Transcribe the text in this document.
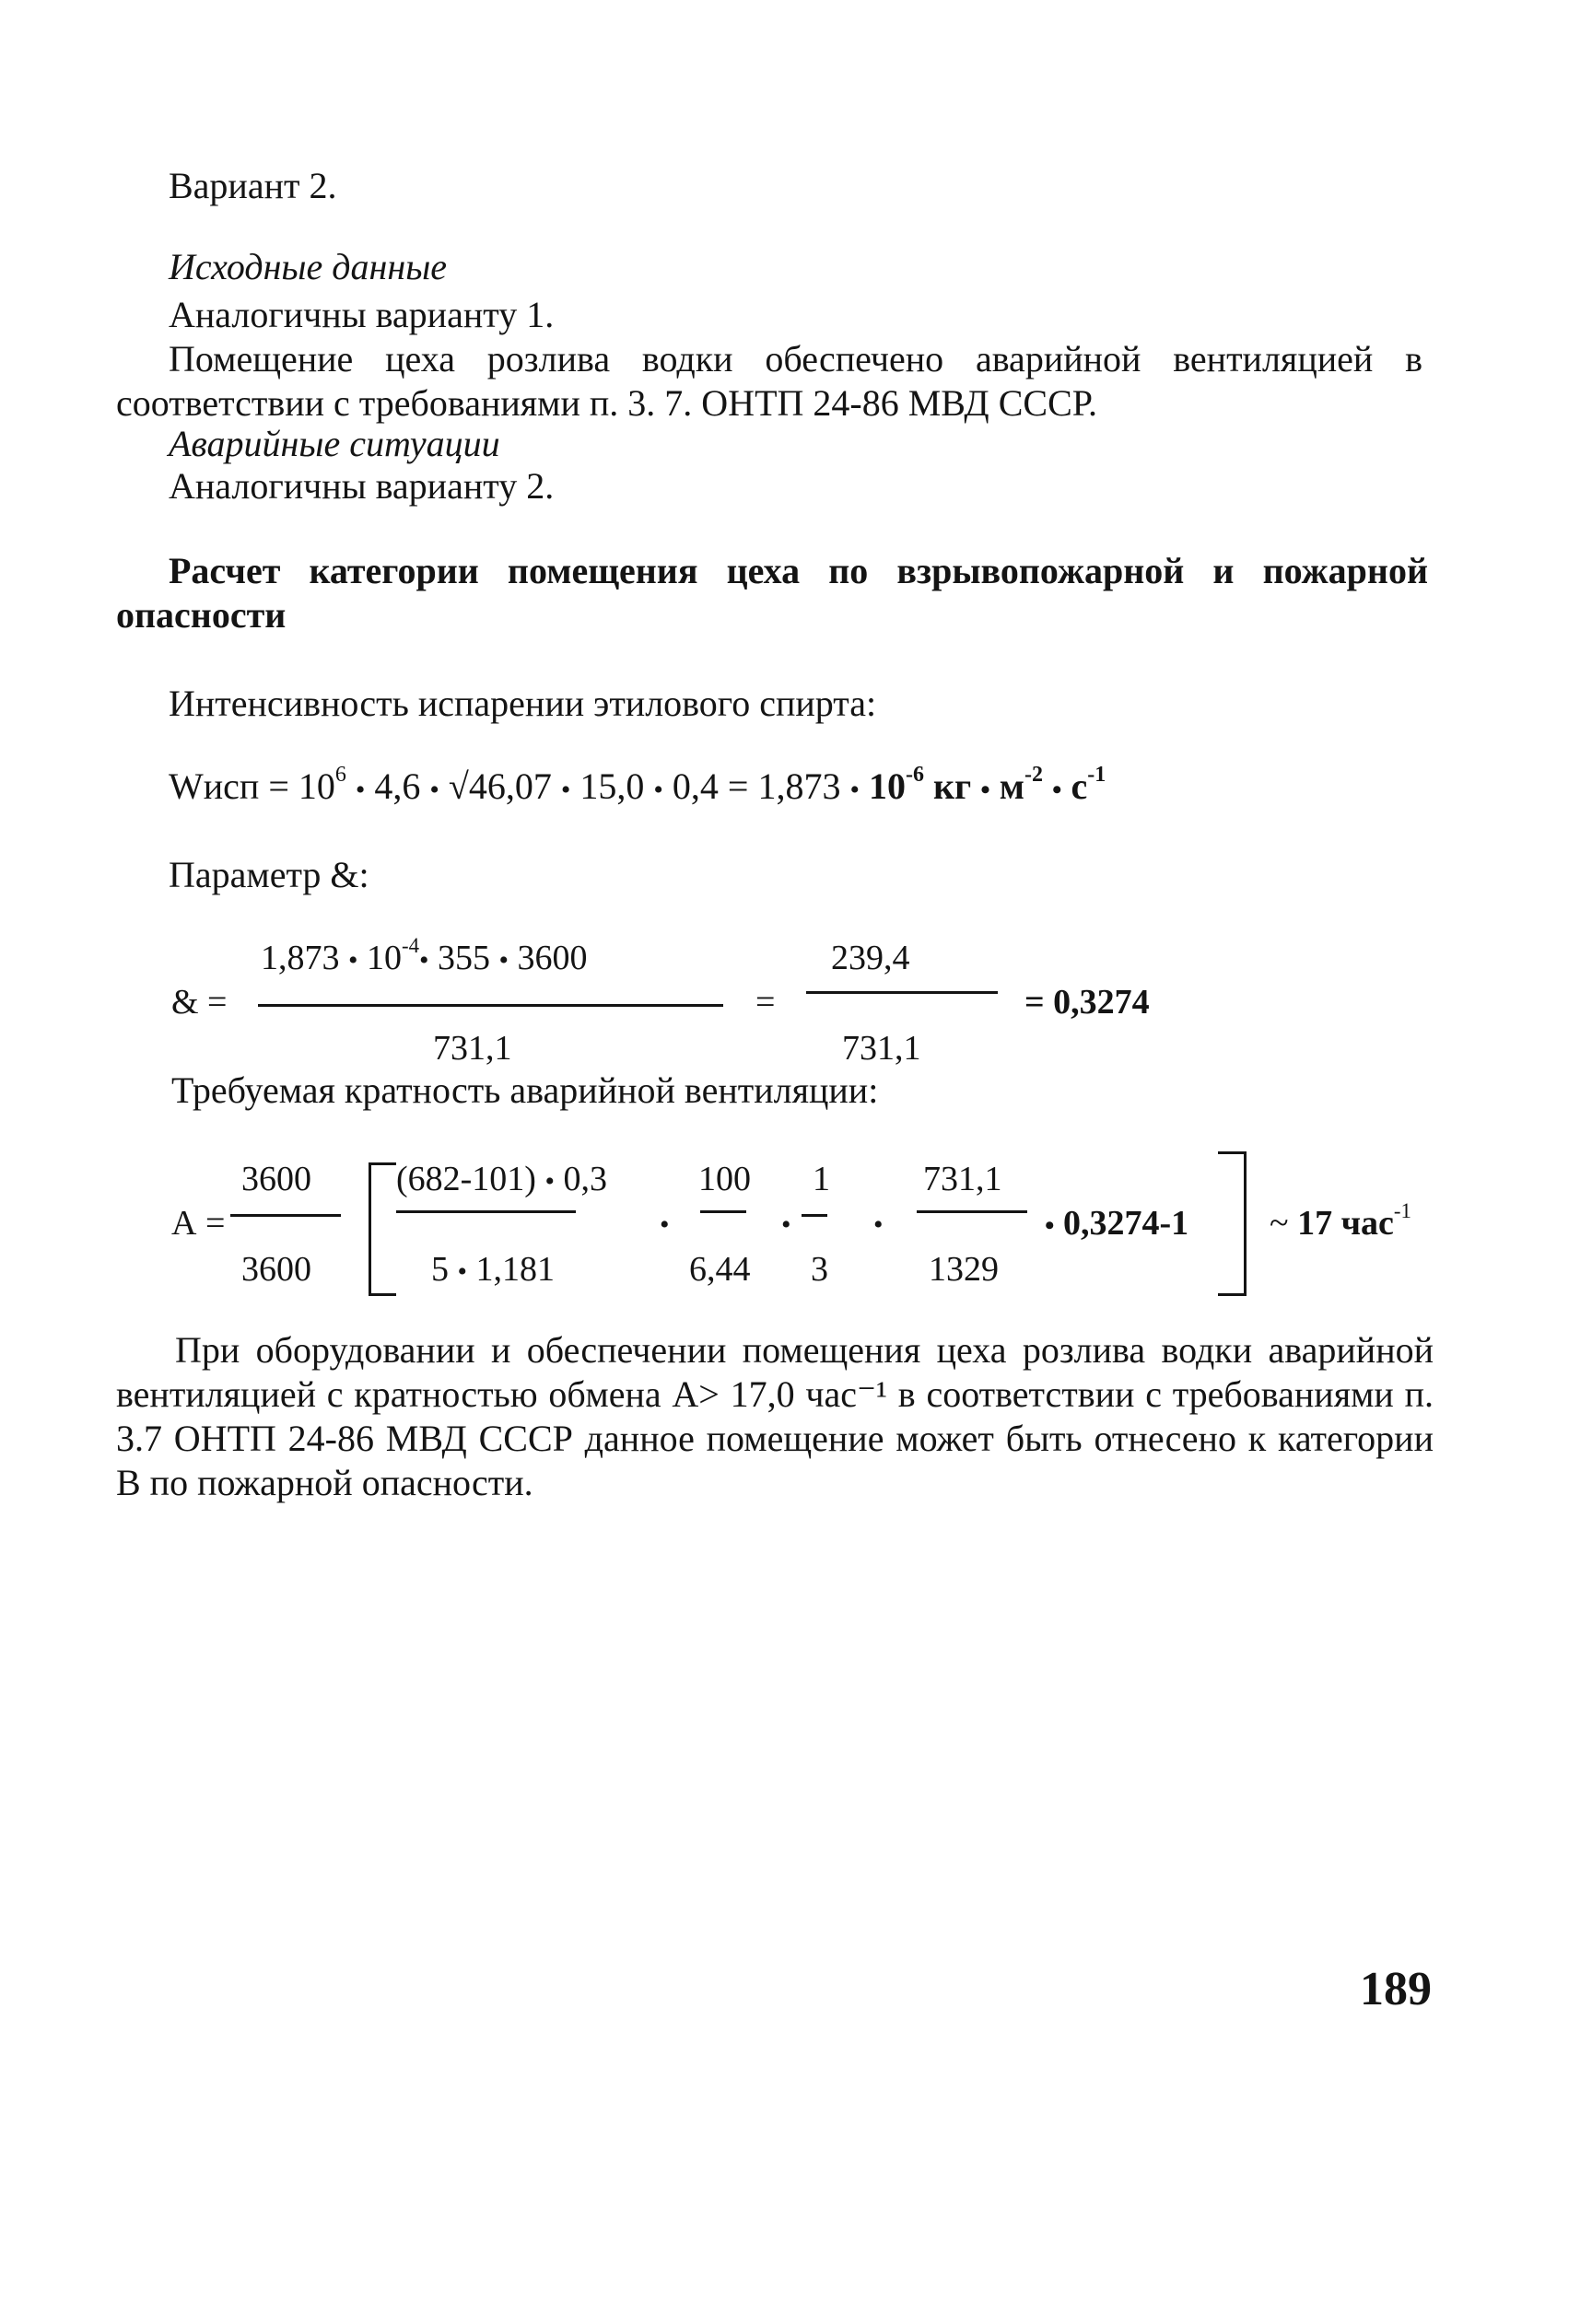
Вариант 2.
Исходные данные
Аналогичны варианту 1.
Помещение цеха розлива водки обеспечено аварийной вентиляцией в соответствии с требованиями п. 3. 7. ОНТП 24-86 МВД СССР.
Аварийные ситуации
Аналогичны варианту 2.
Расчет категории помещения цеха по взрывопожарной и пожарной опасности
Интенсивность испарении этилового спирта:
Wисп = $10^6$ • 4,6 • √46,07 • 15,0 • 0,4 = 1,873 • $10^{-6}$ кг • $м^{-2}$ • $с^{-1}$
Параметр &:
1,873 • $10^{-4}•$ 355 • 3600
& =
731,1
=
239,4
731,1
= 0,3274
Требуемая кратность аварийной вентиляции:
А =
3600
3600
(682-101) • 0,3
5 • 1,181
•
100
6,44
•
1
3
•
731,1
1329
• 0,3274-1 ~ 17 час$^{-1}$
При оборудовании и обеспечении помещения цеха розлива водки аварийной вентиляцией с кратностью обмена А> 17,0 час⁻¹ в соответствии с требованиями п. 3.7 ОНТП 24-86 МВД СССР данное помещение может быть отнесено к категории В по пожарной опасности.
189
